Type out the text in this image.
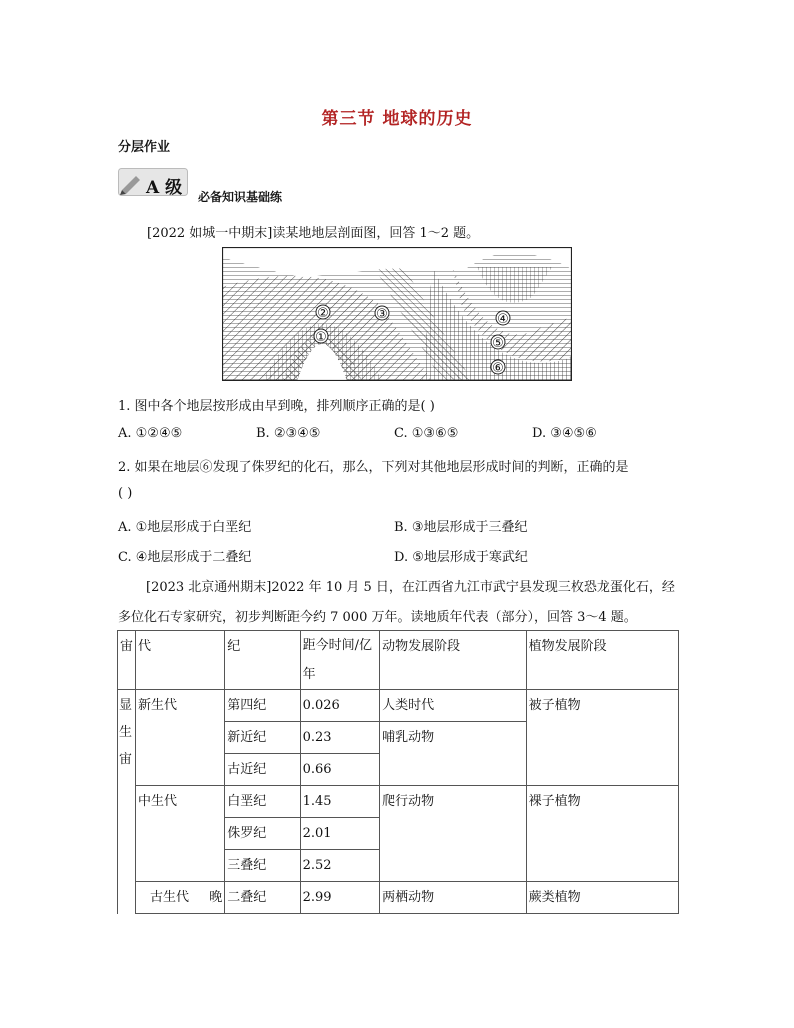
第三节 地球的历史
分层作业
A 级 必备知识基础练
[2022 如城一中期末]读某地地层剖面图，回答 1～2 题。
①
②	③	④
⑤
⑥
1. 图中各个地层按形成由早到晚，排列顺序正确的是( )
A. ①②④⑤	B. ②③④⑤	C. ①③⑥⑤	D. ③④⑤⑥
2. 如果在地层⑥发现了侏罗纪的化石，那么，下列对其他地层形成时间的判断，正确的是
( )
A. ①地层形成于白垩纪	B. ③地层形成于三叠纪
C. ④地层形成于二叠纪	D. ⑤地层形成于寒武纪
[2023 北京通州期末]2022 年 10 月 5 日，在江西省九江市武宁县发现三枚恐龙蛋化石，经
多位化石专家研究，初步判断距今约 7 000 万年。读地质年代表（部分），回答 3～4 题。
宙	代	纪	距今时间/亿年	动物发展阶段	植物发展阶段
显生宙	新生代	第四纪	0.026	人类时代	被子植物
		新近纪	0.23	哺乳动物	
		古近纪	0.66		
	中生代	白垩纪	1.45	爬行动物	裸子植物
		侏罗纪	2.01		
		三叠纪	2.52		
	古生代 晚	二叠纪	2.99	两栖动物	蕨类植物
